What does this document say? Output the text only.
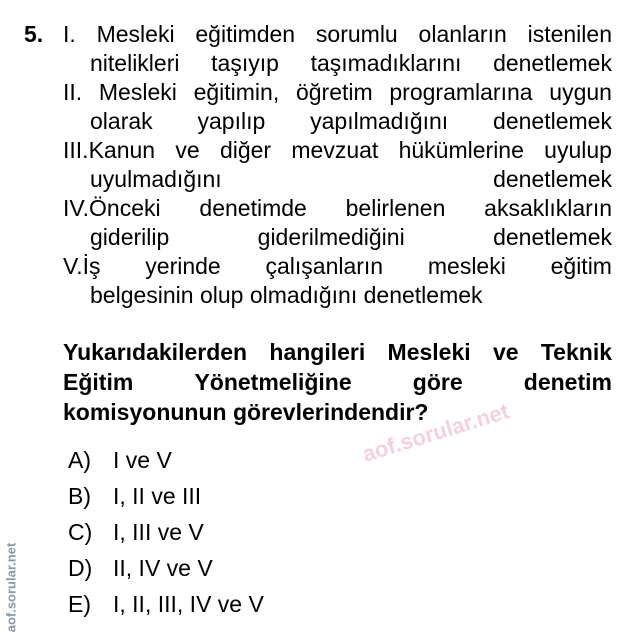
5. I. Mesleki eğitimden sorumlu olanların istenilen
nitelikleri taşıyıp taşımadıklarını denetlemek
II. Mesleki eğitimin, öğretim programlarına uygun
olarak yapılıp yapılmadığını denetlemek
III.Kanun ve diğer mevzuat hükümlerine uyulup
uyulmadığını	denetlemek
IV.Önceki denetimde belirlenen aksaklıkların
giderilip	giderilmediğini	denetlemek
V.İş yerinde çalışanların mesleki eğitim
belgesinin olup olmadığını denetlemek
Yukarıdakilerden hangileri Mesleki ve Teknik
Eğitim	Yönetmeliğine	göre	denetim
komisyonunun görevlerindendir?
A) I ve V
B) I, II ve III
C) I, III ve V
D) II, IV ve V
E) I, II, III, IV ve V
aof.sorular.net
aof.sorular.net
